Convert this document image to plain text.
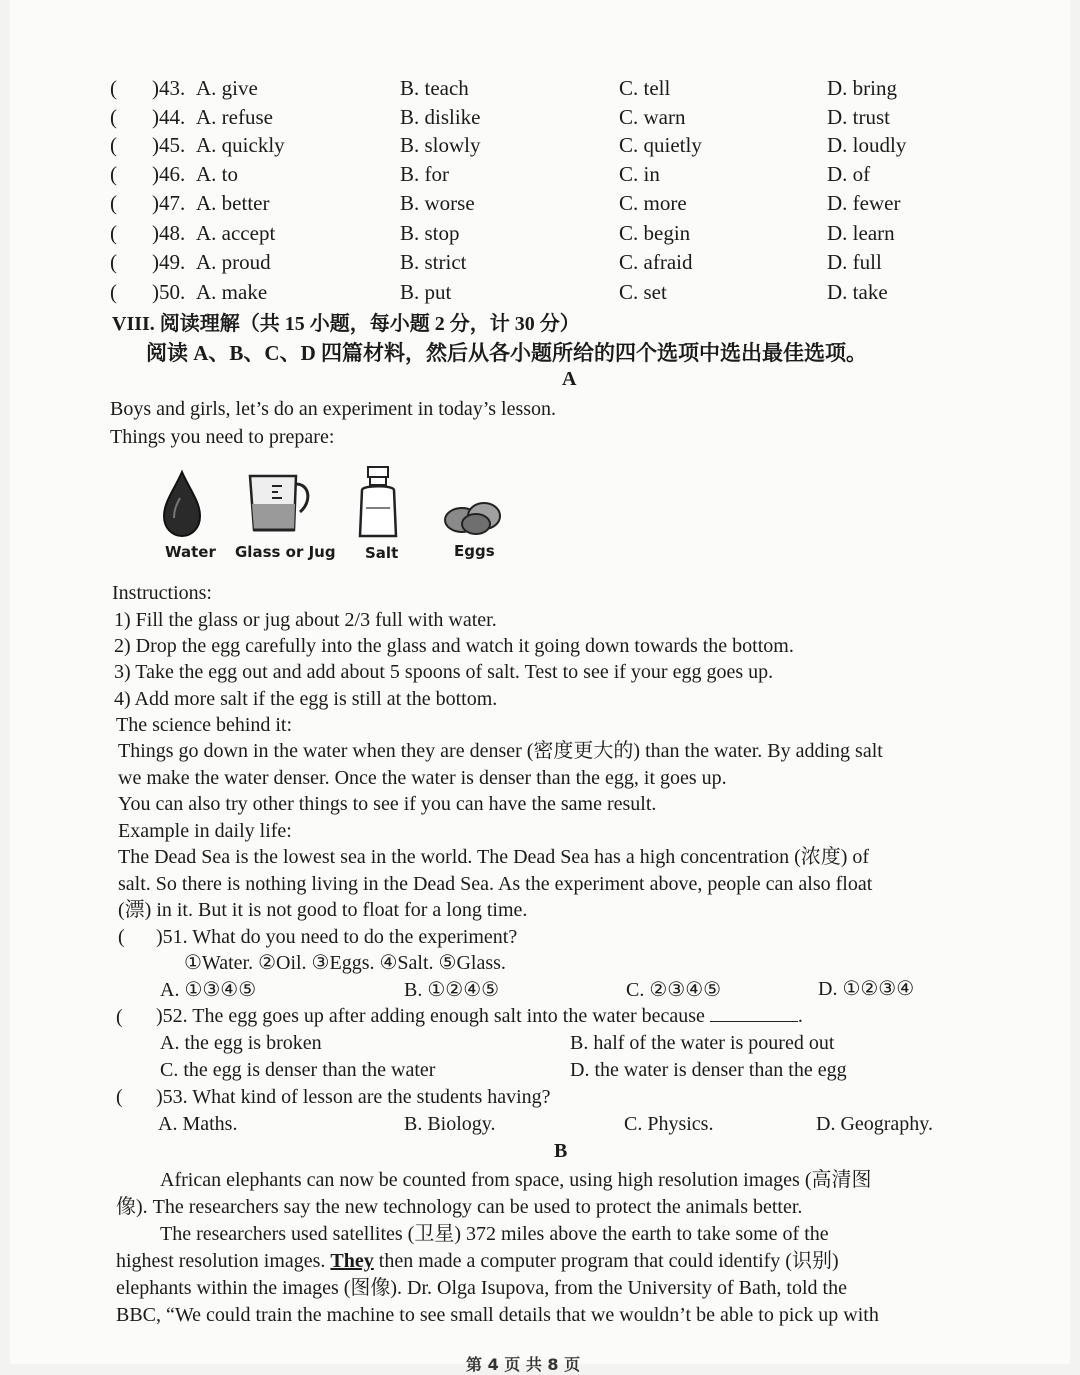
( )43. A. give	B. teach	C. tell	D. bring
( )44. A. refuse	B. dislike	C. warn	D. trust
( )45. A. quickly	B. slowly	C. quietly	D. loudly
( )46. A. to	B. for	C. in	D. of
( )47. A. better	B. worse	C. more	D. fewer
( )48. A. accept	B. stop	C. begin	D. learn
( )49. A. proud	B. strict	C. afraid	D. full
( )50. A. make	B. put	C. set	D. take
VIII. 阅读理解（共 15 小题，每小题 2 分，计 30 分）
阅读 A、B、C、D 四篇材料，然后从各小题所给的四个选项中选出最佳选项。
A
Boys and girls, let’s do an experiment in today’s lesson.
Things you need to prepare:
Water Glass or Jug Salt	Eggs
Instructions:
1) Fill the glass or jug about 2/3 full with water.
2) Drop the egg carefully into the glass and watch it going down towards the bottom.
3) Take the egg out and add about 5 spoons of salt. Test to see if your egg goes up.
4) Add more salt if the egg is still at the bottom.
The science behind it:
Things go down in the water when they are denser (密度更大的) than the water. By adding salt
we make the water denser. Once the water is denser than the egg, it goes up.
You can also try other things to see if you can have the same result.
Example in daily life:
The Dead Sea is the lowest sea in the world. The Dead Sea has a high concentration (浓度) of
salt. So there is nothing living in the Dead Sea. As the experiment above, people can also float
(漂) in it. But it is not good to float for a long time.
( )51. What do you need to do the experiment?
①Water. ②Oil. ③Eggs. ④Salt. ⑤Glass.
A. ①③④⑤	B. ①②④⑤	C. ②③④⑤	D. ①②③④
( )52. The egg goes up after adding enough salt into the water because	.
A. the egg is broken	B. half of the water is poured out
C. the egg is denser than the water	D. the water is denser than the egg
( )53. What kind of lesson are the students having?
A. Maths.	B. Biology.	C. Physics.	D. Geography.
B
African elephants can now be counted from space, using high resolution images (高清图
像). The researchers say the new technology can be used to protect the animals better.
The researchers used satellites (卫星) 372 miles above the earth to take some of the
highest resolution images. They then made a computer program that could identify (识别)
elephants within the images (图像). Dr. Olga Isupova, from the University of Bath, told the
BBC, “We could train the machine to see small details that we wouldn’t be able to pick up with
第 4 页 共 8 页
